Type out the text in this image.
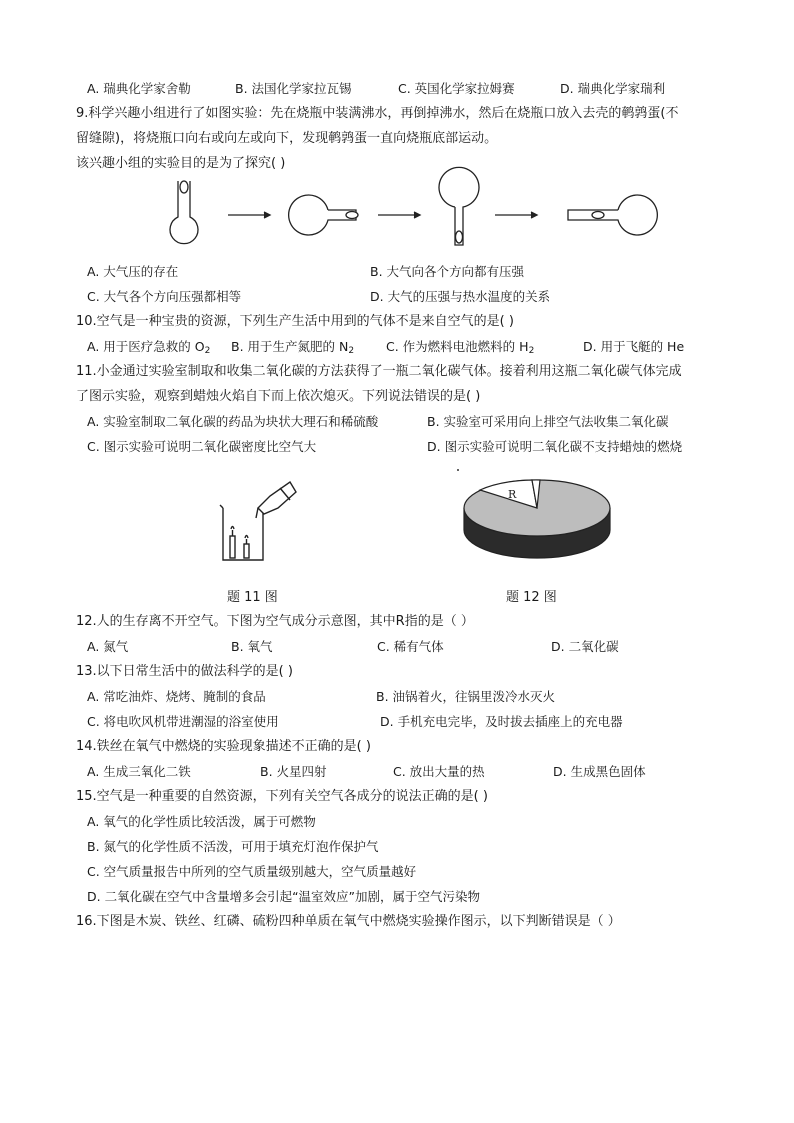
A. 瑞典化学家舍勒	B. 法国化学家拉瓦锡	C. 英国化学家拉姆赛	D. 瑞典化学家瑞利
9.科学兴趣小组进行了如图实验：先在烧瓶中装满沸水，再倒掉沸水，然后在烧瓶口放入去壳的鹌鹑蛋(不
留缝隙)，将烧瓶口向右或向左或向下，发现鹌鹑蛋一直向烧瓶底部运动。
该兴趣小组的实验目的是为了探究( )
A. 大气压的存在	B. 大气向各个方向都有压强
C. 大气各个方向压强都相等	D. 大气的压强与热水温度的关系
10.空气是一种宝贵的资源，下列生产生活中用到的气体不是来自空气的是( )
A. 用于医疗急救的 $O_2$ B. 用于生产氮肥的 $N_2$	C. 作为燃料电池燃料的 $H_2$	D. 用于飞艇的 He
11.小金通过实验室制取和收集二氧化碳的方法获得了一瓶二氧化碳气体。接着利用这瓶二氧化碳气体完成
了图示实验，观察到蜡烛火焰自下而上依次熄灭。下列说法错误的是( )
A. 实验室制取二氧化碳的药品为块状大理石和稀硫酸	B. 实验室可采用向上排空气法收集二氧化碳
C. 图示实验可说明二氧化碳密度比空气大	D. 图示实验可说明二氧化碳不支持蜡烛的燃烧
R
题 11 图	题 12 图
12.人的生存离不开空气。下图为空气成分示意图，其中R指的是（ ）
A. 氮气	B. 氧气	C. 稀有气体	D. 二氧化碳
13.以下日常生活中的做法科学的是( )
A. 常吃油炸、烧烤、腌制的食品	B. 油锅着火，往锅里泼冷水灭火
C. 将电吹风机带进潮湿的浴室使用	D. 手机充电完毕，及时拔去插座上的充电器
14.铁丝在氧气中燃烧的实验现象描述不正确的是( )
A. 生成三氧化二铁	B. 火星四射	C. 放出大量的热	D. 生成黑色固体
15.空气是一种重要的自然资源，下列有关空气各成分的说法正确的是( )
A. 氧气的化学性质比较活泼，属于可燃物
B. 氮气的化学性质不活泼，可用于填充灯泡作保护气
C. 空气质量报告中所列的空气质量级别越大，空气质量越好
D. 二氧化碳在空气中含量增多会引起“温室效应”加剧，属于空气污染物
16.下图是木炭、铁丝、红磷、硫粉四种单质在氧气中燃烧实验操作图示，以下判断错误是（ ）
